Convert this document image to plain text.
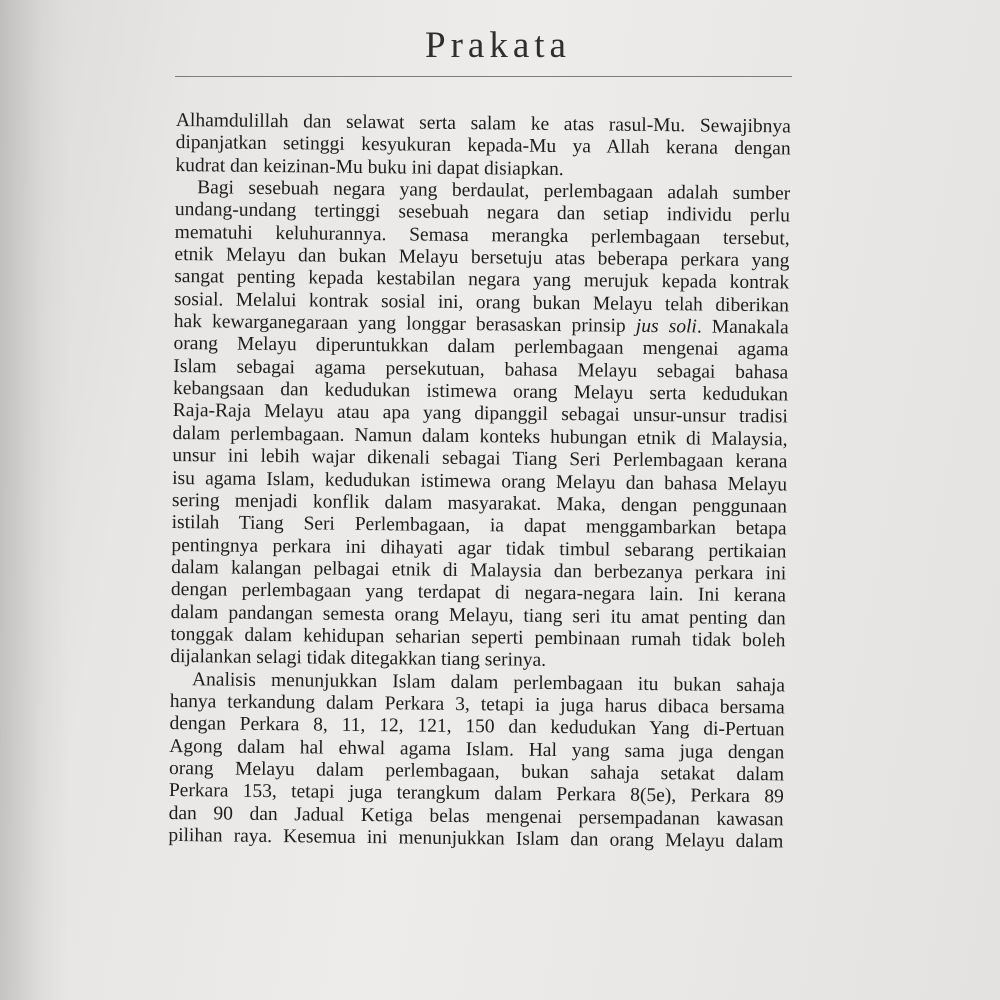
Prakata

Alhamdulillah dan selawat serta salam ke atas rasul-Mu. Sewajibnya
dipanjatkan setinggi kesyukuran kepada-Mu ya Allah kerana dengan
kudrat dan keizinan-Mu buku ini dapat disiapkan.

Bagi sesebuah negara yang berdaulat, perlembagaan adalah sumber
undang-undang tertinggi sesebuah negara dan setiap individu perlu
mematuhi keluhurannya. Semasa merangka perlembagaan tersebut,
etnik Melayu dan bukan Melayu bersetuju atas beberapa perkara yang
sangat penting kepada kestabilan negara yang merujuk kepada kontrak
sosial. Melalui kontrak sosial ini, orang bukan Melayu telah diberikan
hak kewarganegaraan yang longgar berasaskan prinsip jus soli. Manakala
orang Melayu diperuntukkan dalam perlembagaan mengenai agama
Islam sebagai agama persekutuan, bahasa Melayu sebagai bahasa
kebangsaan dan kedudukan istimewa orang Melayu serta kedudukan
Raja-Raja Melayu atau apa yang dipanggil sebagai unsur-unsur tradisi
dalam perlembagaan. Namun dalam konteks hubungan etnik di Malaysia,
unsur ini lebih wajar dikenali sebagai Tiang Seri Perlembagaan kerana
isu agama Islam, kedudukan istimewa orang Melayu dan bahasa Melayu
sering menjadi konflik dalam masyarakat. Maka, dengan penggunaan
istilah Tiang Seri Perlembagaan, ia dapat menggambarkan betapa
pentingnya perkara ini dihayati agar tidak timbul sebarang pertikaian
dalam kalangan pelbagai etnik di Malaysia dan berbezanya perkara ini
dengan perlembagaan yang terdapat di negara-negara lain. Ini kerana
dalam pandangan semesta orang Melayu, tiang seri itu amat penting dan
tonggak dalam kehidupan seharian seperti pembinaan rumah tidak boleh
dijalankan selagi tidak ditegakkan tiang serinya.

Analisis menunjukkan Islam dalam perlembagaan itu bukan sahaja
hanya terkandung dalam Perkara 3, tetapi ia juga harus dibaca bersama
dengan Perkara 8, 11, 12, 121, 150 dan kedudukan Yang di-Pertuan
Agong dalam hal ehwal agama Islam. Hal yang sama juga dengan
orang Melayu dalam perlembagaan, bukan sahaja setakat dalam
Perkara 153, tetapi juga terangkum dalam Perkara 8(5e), Perkara 89
dan 90 dan Jadual Ketiga belas mengenai persempadanan kawasan
pilihan raya. Kesemua ini menunjukkan Islam dan orang Melayu dalam
